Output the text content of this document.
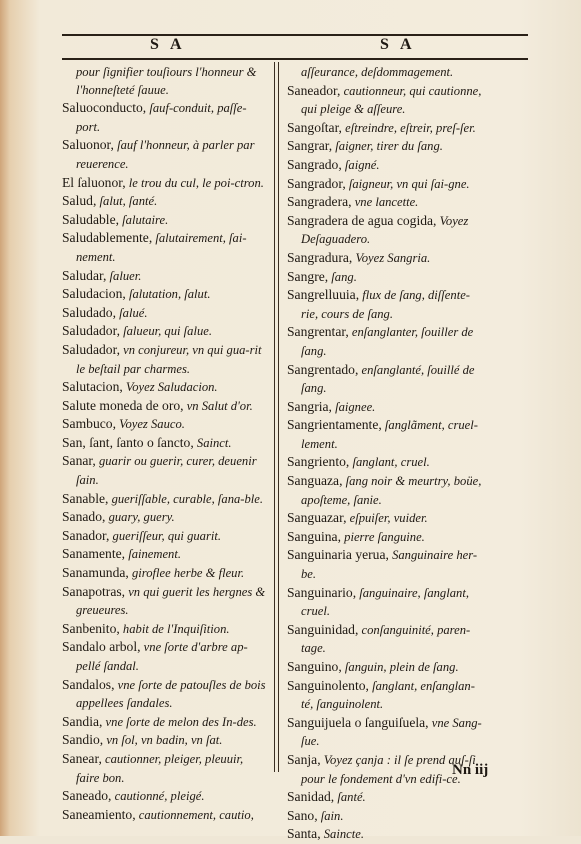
S A	S A
pour ſignifier touſiours l'honneur & l'honneſteté ſauue.

Saluoconducto, ſauf-conduit, paſſe-port.

Saluonor, ſauf l'honneur, à parler par reuerence.

El ſaluonor, le trou du cul, le poi-ctron.

Salud, ſalut, ſanté.

Saludable, ſalutaire.

Saludablemente, ſalutairement, ſai-nement.

Saludar, ſaluer.

Saludacion, ſalutation, ſalut.

Saludado, ſalué.

Saludador, ſalueur, qui ſalue.

Saludador, vn conjureur, vn qui gua-rit le beſtail par charmes.

Salutacion, Voyez Saludacion.

Salute moneda de oro, vn Salut d'or.

Sambuco, Voyez Sauco.

San, ſant, ſanto o ſancto, Sainct.

Sanar, guarir ou guerir, curer, deuenir ſain.

Sanable, gueriſſable, curable, ſana-ble.

Sanado, guary, guery.

Sanador, gueriſſeur, qui guarit.

Sanamente, ſainement.

Sanamunda, giroflee herbe & fleur.

Sanapotras, vn qui guerit les hergnes & greueures.

Sanbenito, habit de l'Inquiſition.

Sandalo arbol, vne ſorte d'arbre ap-pellé ſandal.

Sandalos, vne ſorte de patouſles de bois appellees ſandales.

Sandia, vne ſorte de melon des In-des.

Sandio, vn ſol, vn badin, vn ſat.

Sanear, cautionner, pleiger, pleuuir, faire bon.

Saneado, cautionné, pleigé.

Saneamiento, cautionnement, cautio,

aſſeurance, deſdommagement.

Saneador, cautionneur, qui cautionne, qui pleige & aſſeure.

Sangoſtar, eſtreindre, eſtreir, preſ-ſer.

Sangrar, ſaigner, tirer du ſang.

Sangrado, ſaigné.

Sangrador, ſaigneur, vn qui ſai-gne.

Sangradera, vne lancette.

Sangradera de agua cogida, Voyez Deſaguadero.

Sangradura, Voyez Sangria.

Sangre, ſang.

Sangrelluuia, flux de ſang, diſſente-rie, cours de ſang.

Sangrentar, enſanglanter, ſouiller de ſang.

Sangrentado, enſanglanté, ſouillé de ſang.

Sangria, ſaignee.

Sangrientamente, ſanglãment, cruel-lement.

Sangriento, ſanglant, cruel.

Sanguaza, ſang noir & meurtry, boüe, apoſteme, ſanie.

Sanguazar, eſpuiſer, vuider.

Sanguina, pierre ſanguine.

Sanguinaria yerua, Sanguinaire her-be.

Sanguinario, ſanguinaire, ſanglant, cruel.

Sanguinidad, conſanguinité, paren-tage.

Sanguino, ſanguin, plein de ſang.

Sanguinolento, ſanglant, enſanglan-té, ſanguinolent.

Sanguijuela o ſanguiſuela, vne Sang-ſue.

Sanja, Voyez çanja : il ſe prend auſ-ſi pour le fondement d'vn edifi-ce.

Sanidad, ſanté.

Sano, ſain.

Santa, Saincte.

Nn iij
